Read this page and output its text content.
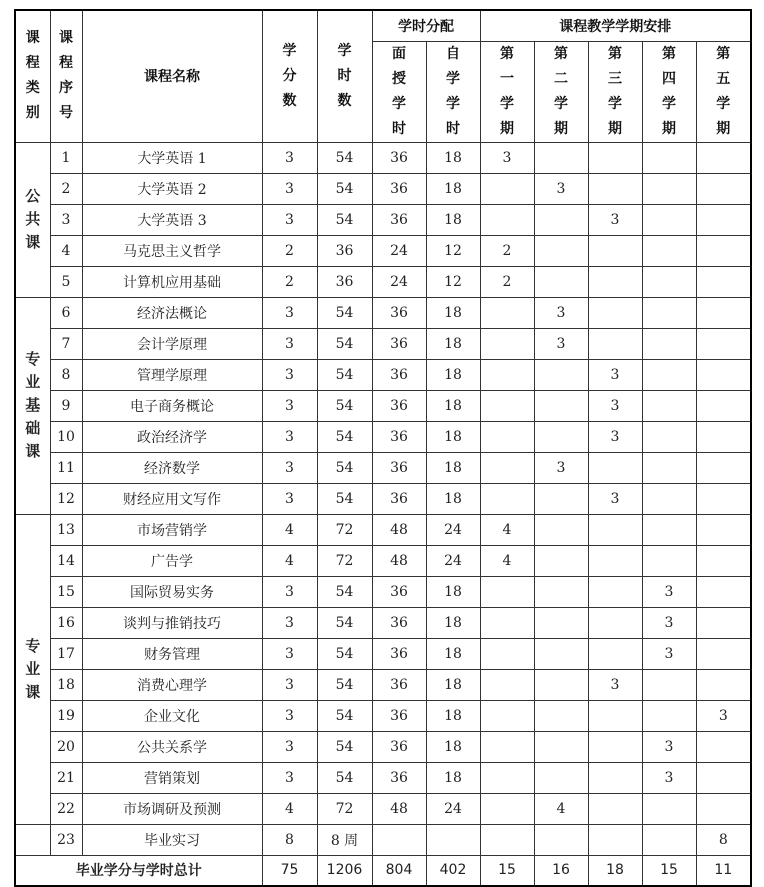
课程类别	课程序号	课程名称	学分数	学时数	学时分配		课程教学学期安排				

					面授学时	自学学时	第一学期	第二学期	第三学期	第四学期	第五学期

公共课	1	大学英语 1	3	54	36	18	3				
	2	大学英语 2	3	54	36	18		3			
	3	大学英语 3	3	54	36	18			3		
	4	马克思主义哲学	2	36	24	12	2				
	5	计算机应用基础	2	36	24	12	2				

专业基础课	6	经济法概论	3	54	36	18		3			
	7	会计学原理	3	54	36	18		3			
	8	管理学原理	3	54	36	18			3		
	9	电子商务概论	3	54	36	18			3		
	10	政治经济学	3	54	36	18			3		
	11	经济数学	3	54	36	18		3			
	12	财经应用文写作	3	54	36	18			3		

专业课	13	市场营销学	4	72	48	24	4				
	14	广告学	4	72	48	24	4				
	15	国际贸易实务	3	54	36	18				3	
	16	谈判与推销技巧	3	54	36	18				3	
	17	财务管理	3	54	36	18				3	
	18	消费心理学	3	54	36	18			3		
	19	企业文化	3	54	36	18					3
	20	公共关系学	3	54	36	18				3	
	21	营销策划	3	54	36	18				3	
	22	市场调研及预测	4	72	48	24		4			

	23	毕业实习	8	8 周							8
毕业学分与学时总计			75	1206	804	402	15	16	18	15	11
